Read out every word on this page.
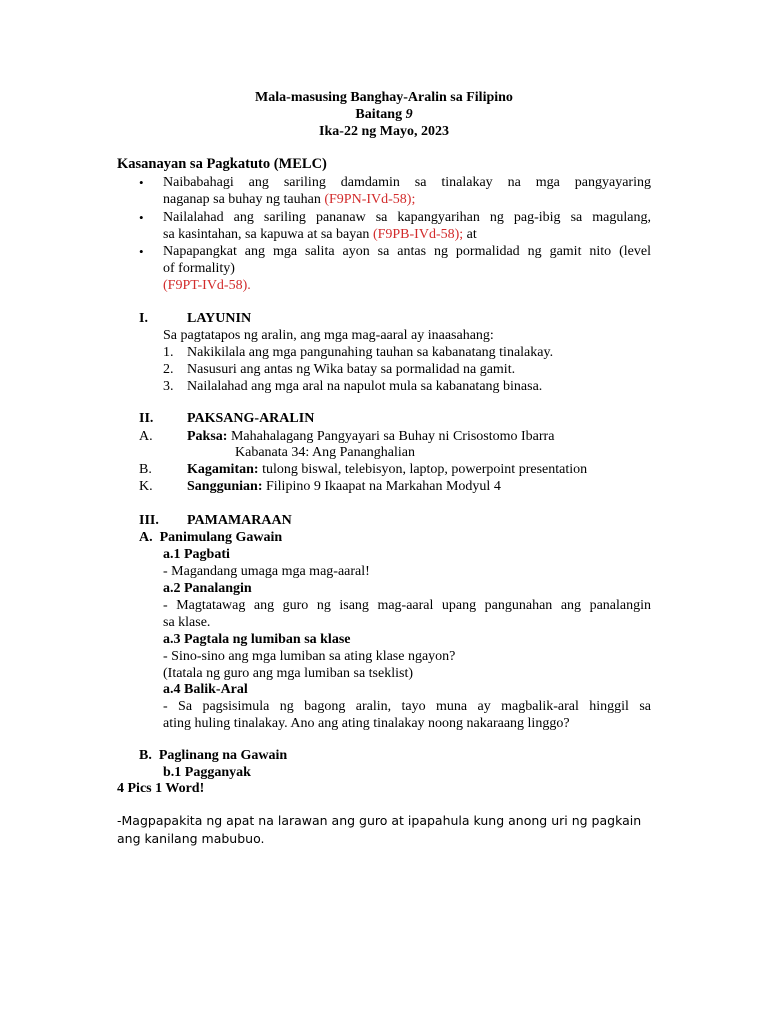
Mala-masusing Banghay-Aralin sa Filipino
Baitang 9
Ika-22 ng Mayo, 2023
Kasanayan sa Pagkatuto (MELC)
• Naibabahagi ang sariling damdamin sa tinalakay na mga pangyayaring
naganap sa buhay ng tauhan (F9PN-IVd-58);
• Nailalahad ang sariling pananaw sa kapangyarihan ng pag-ibig sa magulang,
sa kasintahan, sa kapuwa at sa bayan (F9PB-IVd-58); at
• Napapangkat ang mga salita ayon sa antas ng pormalidad ng gamit nito (level
of formality)
(F9PT-IVd-58).
I.	LAYUNIN
Sa pagtatapos ng aralin, ang mga mag-aaral ay inaasahang:
1. Nakikilala ang mga pangunahing tauhan sa kabanatang tinalakay.
2. Nasusuri ang antas ng Wika batay sa pormalidad na gamit.
3. Nailalahad ang mga aral na napulot mula sa kabanatang binasa.
II. PAKSANG-ARALIN
A. Paksa: Mahahalagang Pangyayari sa Buhay ni Crisostomo Ibarra
Kabanata 34: Ang Pananghalian
B.	Kagamitan: tulong biswal, telebisyon, laptop, powerpoint presentation
K. Sanggunian: Filipino 9 Ikaapat na Markahan Modyul 4
III. PAMAMARAAN
A.  Panimulang Gawain
a.1 Pagbati
- Magandang umaga mga mag-aaral!
a.2 Panalangin
- Magtatawag ang guro ng isang mag-aaral upang pangunahan ang panalangin
sa klase.
a.3 Pagtala ng lumiban sa klase
- Sino-sino ang mga lumiban sa ating klase ngayon?
(Itatala ng guro ang mga lumiban sa tseklist)
a.4 Balik-Aral
- Sa pagsisimula ng bagong aralin, tayo muna ay magbalik-aral hinggil sa
ating huling tinalakay. Ano ang ating tinalakay noong nakaraang linggo?
B.  Paglinang na Gawain
b.1 Pagganyak
4 Pics 1 Word!
-Magpapakita ng apat na larawan ang guro at ipapahula kung anong uri ng pagkain
ang kanilang mabubuo.
